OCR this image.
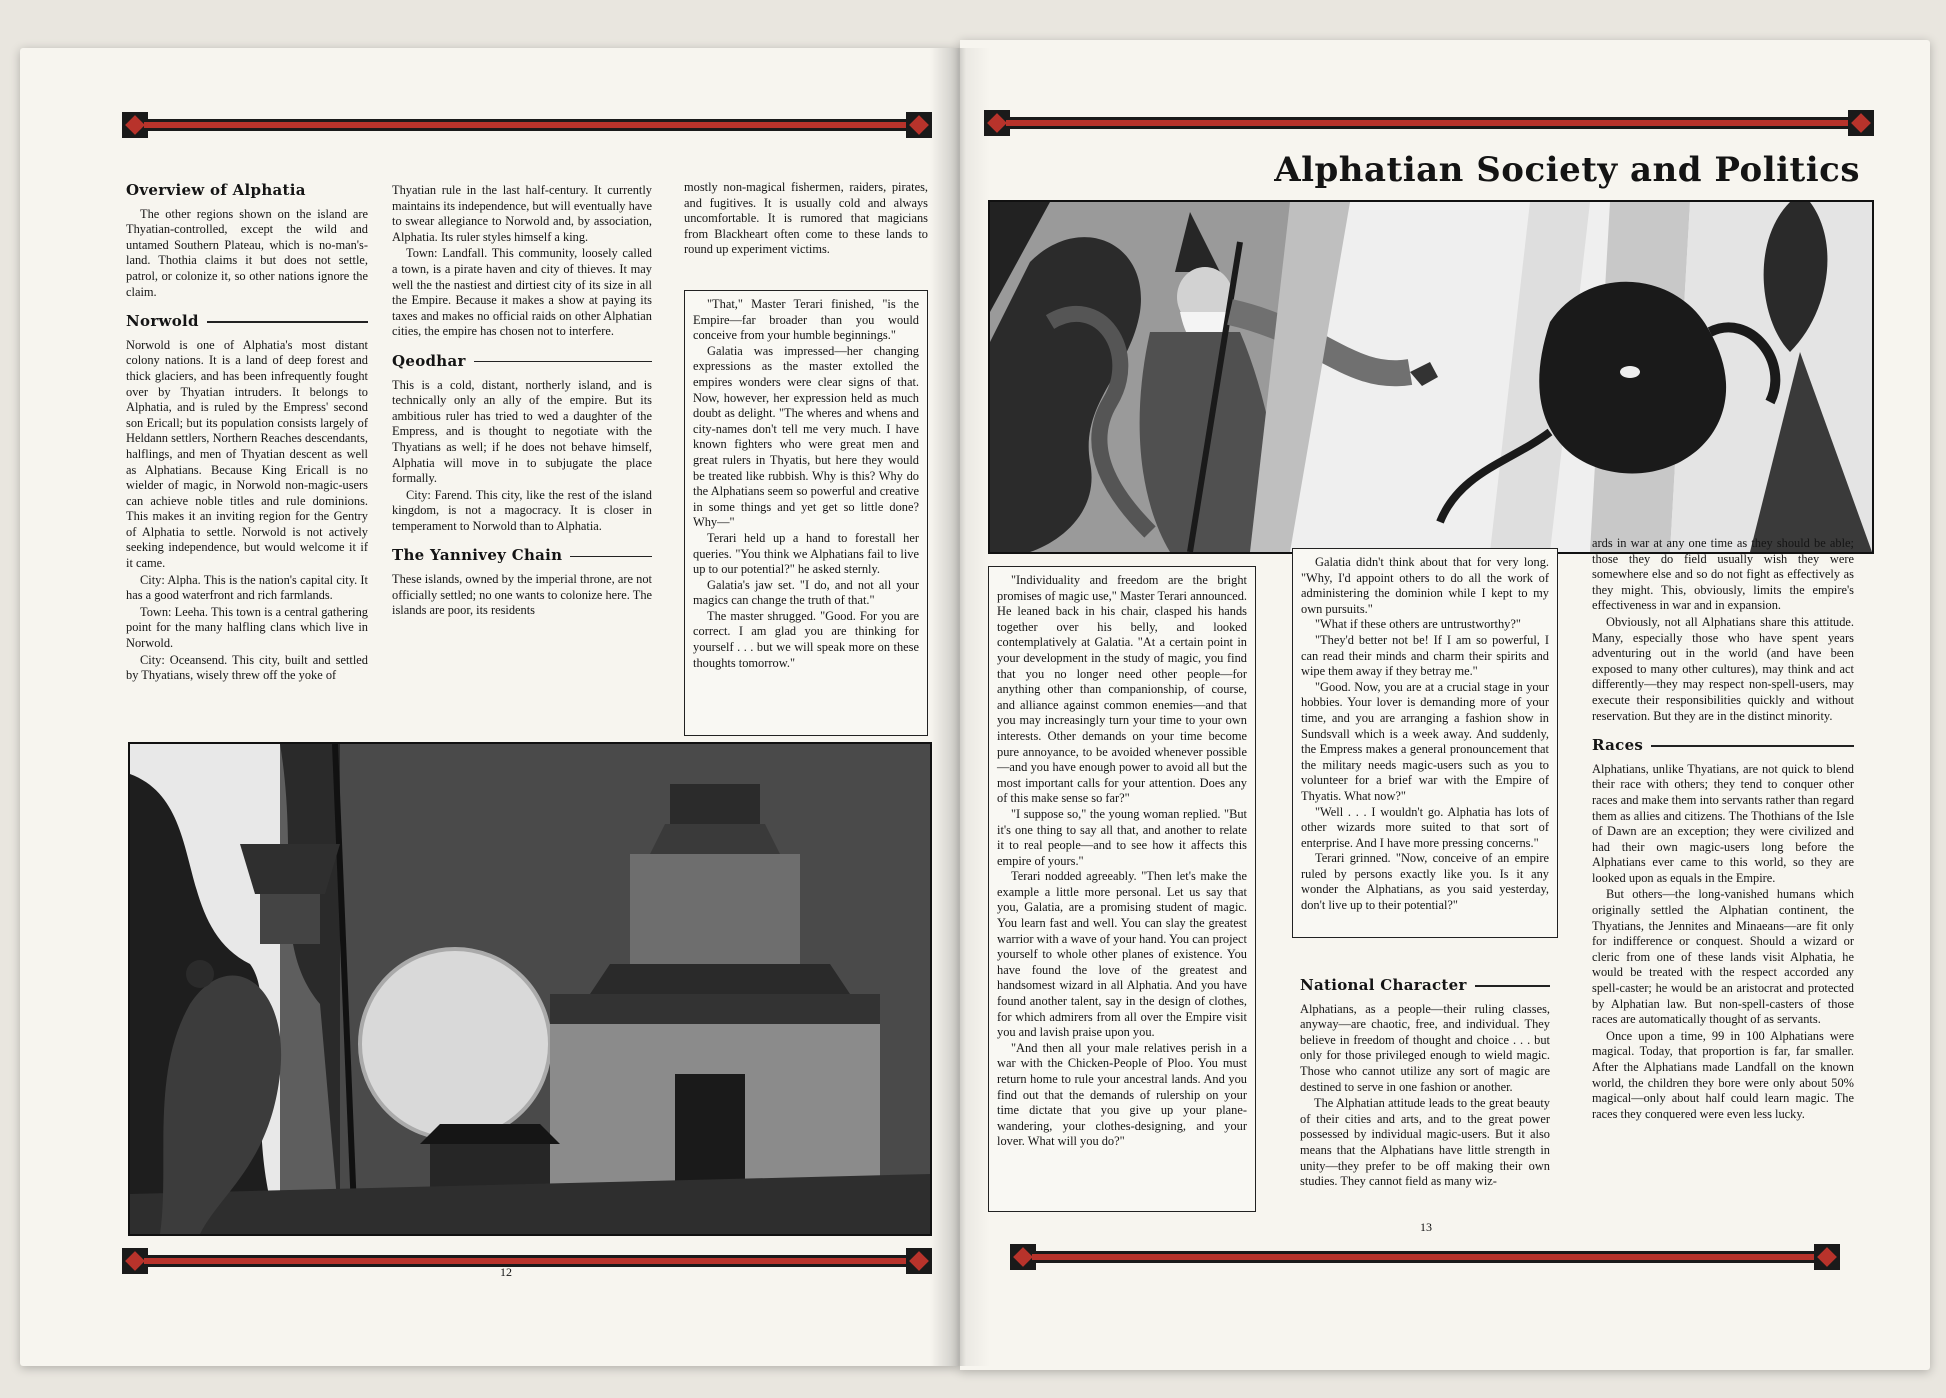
Overview of Alphatia

The other regions shown on the island are Thyatian-controlled, except the wild and untamed Southern Plateau, which is no-man's-land. Thothia claims it but does not settle, patrol, or colonize it, so other nations ignore the claim.

Norwold

Norwold is one of Alphatia's most distant colony nations. It is a land of deep forest and thick glaciers, and has been infrequently fought over by Thyatian intruders. It belongs to Alphatia, and is ruled by the Empress' second son Ericall; but its population consists largely of Heldann settlers, Northern Reaches descendants, halflings, and men of Thyatian descent as well as Alphatians. Because King Ericall is no wielder of magic, in Norwold non-magic-users can achieve noble titles and rule dominions. This makes it an inviting region for the Gentry of Alphatia to settle. Norwold is not actively seeking independence, but would welcome it if it came.

City: Alpha. This is the nation's capital city. It has a good waterfront and rich farmlands.

Town: Leeha. This town is a central gathering point for the many halfling clans which live in Norwold.

City: Oceansend. This city, built and settled by Thyatians, wisely threw off the yoke of

Thyatian rule in the last half-century. It currently maintains its independence, but will eventually have to swear allegiance to Norwold and, by association, Alphatia. Its ruler styles himself a king.

Town: Landfall. This community, loosely called a town, is a pirate haven and city of thieves. It may well the the nastiest and dirtiest city of its size in all the Empire. Because it makes a show at paying its taxes and makes no official raids on other Alphatian cities, the empire has chosen not to interfere.

Qeodhar

This is a cold, distant, northerly island, and is technically only an ally of the empire. But its ambitious ruler has tried to wed a daughter of the Empress, and is thought to negotiate with the Thyatians as well; if he does not behave himself, Alphatia will move in to subjugate the place formally.

City: Farend. This city, like the rest of the island kingdom, is not a magocracy. It is closer in temperament to Norwold than to Alphatia.

The Yannivey Chain

These islands, owned by the imperial throne, are not officially settled; no one wants to colonize here. The islands are poor, its residents

mostly non-magical fishermen, raiders, pirates, and fugitives. It is usually cold and always uncomfortable. It is rumored that magicians from Blackheart often come to these lands to round up experiment victims.

"That," Master Terari finished, "is the Empire—far broader than you would conceive from your humble beginnings."

Galatia was impressed—her changing expressions as the master extolled the empires wonders were clear signs of that. Now, however, her expression held as much doubt as delight. "The wheres and whens and city-names don't tell me very much. I have known fighters who were great men and great rulers in Thyatis, but here they would be treated like rubbish. Why is this? Why do the Alphatians seem so powerful and creative in some things and yet get so little done? Why—"

Terari held up a hand to forestall her queries. "You think we Alphatians fail to live up to our potential?" he asked sternly.

Galatia's jaw set. "I do, and not all your magics can change the truth of that."

The master shrugged. "Good. For you are correct. I am glad you are thinking for yourself . . . but we will speak more on these thoughts tomorrow."

12
Alphatian Society and Politics

"Individuality and freedom are the bright promises of magic use," Master Terari announced. He leaned back in his chair, clasped his hands together over his belly, and looked contemplatively at Galatia. "At a certain point in your development in the study of magic, you find that you no longer need other people—for anything other than companionship, of course, and alliance against common enemies—and that you may increasingly turn your time to your own interests. Other demands on your time become pure annoyance, to be avoided whenever possible—and you have enough power to avoid all but the most important calls for your attention. Does any of this make sense so far?"

"I suppose so," the young woman replied. "But it's one thing to say all that, and another to relate it to real people—and to see how it affects this empire of yours."

Terari nodded agreeably. "Then let's make the example a little more personal. Let us say that you, Galatia, are a promising student of magic. You learn fast and well. You can slay the greatest warrior with a wave of your hand. You can project yourself to whole other planes of existence. You have found the love of the greatest and handsomest wizard in all Alphatia. And you have found another talent, say in the design of clothes, for which admirers from all over the Empire visit you and lavish praise upon you.

"And then all your male relatives perish in a war with the Chicken-People of Ploo. You must return home to rule your ancestral lands. And you find out that the demands of rulership on your time dictate that you give up your plane-wandering, your clothes-designing, and your lover. What will you do?"

Galatia didn't think about that for very long. "Why, I'd appoint others to do all the work of administering the dominion while I kept to my own pursuits."

"What if these others are untrustworthy?"

"They'd better not be! If I am so powerful, I can read their minds and charm their spirits and wipe them away if they betray me."

"Good. Now, you are at a crucial stage in your hobbies. Your lover is demanding more of your time, and you are arranging a fashion show in Sundsvall which is a week away. And suddenly, the Empress makes a general pronouncement that the military needs magic-users such as you to volunteer for a brief war with the Empire of Thyatis. What now?"

"Well . . . I wouldn't go. Alphatia has lots of other wizards more suited to that sort of enterprise. And I have more pressing concerns."

Terari grinned. "Now, conceive of an empire ruled by persons exactly like you. Is it any wonder the Alphatians, as you said yesterday, don't live up to their potential?"

National Character

Alphatians, as a people—their ruling classes, anyway—are chaotic, free, and individual. They believe in freedom of thought and choice . . . but only for those privileged enough to wield magic. Those who cannot utilize any sort of magic are destined to serve in one fashion or another.

The Alphatian attitude leads to the great beauty of their cities and arts, and to the great power possessed by individual magic-users. But it also means that the Alphatians have little strength in unity—they prefer to be off making their own studies. They cannot field as many wiz-

ards in war at any one time as they should be able; those they do field usually wish they were somewhere else and so do not fight as effectively as they might. This, obviously, limits the empire's effectiveness in war and in expansion.

Obviously, not all Alphatians share this attitude. Many, especially those who have spent years adventuring out in the world (and have been exposed to many other cultures), may think and act differently—they may respect non-spell-users, may execute their responsibilities quickly and without reservation. But they are in the distinct minority.

Races

Alphatians, unlike Thyatians, are not quick to blend their race with others; they tend to conquer other races and make them into servants rather than regard them as allies and citizens. The Thothians of the Isle of Dawn are an exception; they were civilized and had their own magic-users long before the Alphatians ever came to this world, so they are looked upon as equals in the Empire.

But others—the long-vanished humans which originally settled the Alphatian continent, the Thyatians, the Jennites and Minaeans—are fit only for indifference or conquest. Should a wizard or cleric from one of these lands visit Alphatia, he would be treated with the respect accorded any spell-caster; he would be an aristocrat and protected by Alphatian law. But non-spell-casters of those races are automatically thought of as servants.

Once upon a time, 99 in 100 Alphatians were magical. Today, that proportion is far, far smaller. After the Alphatians made Landfall on the known world, the children they bore were only about 50% magical—only about half could learn magic. The races they conquered were even less lucky.

13
